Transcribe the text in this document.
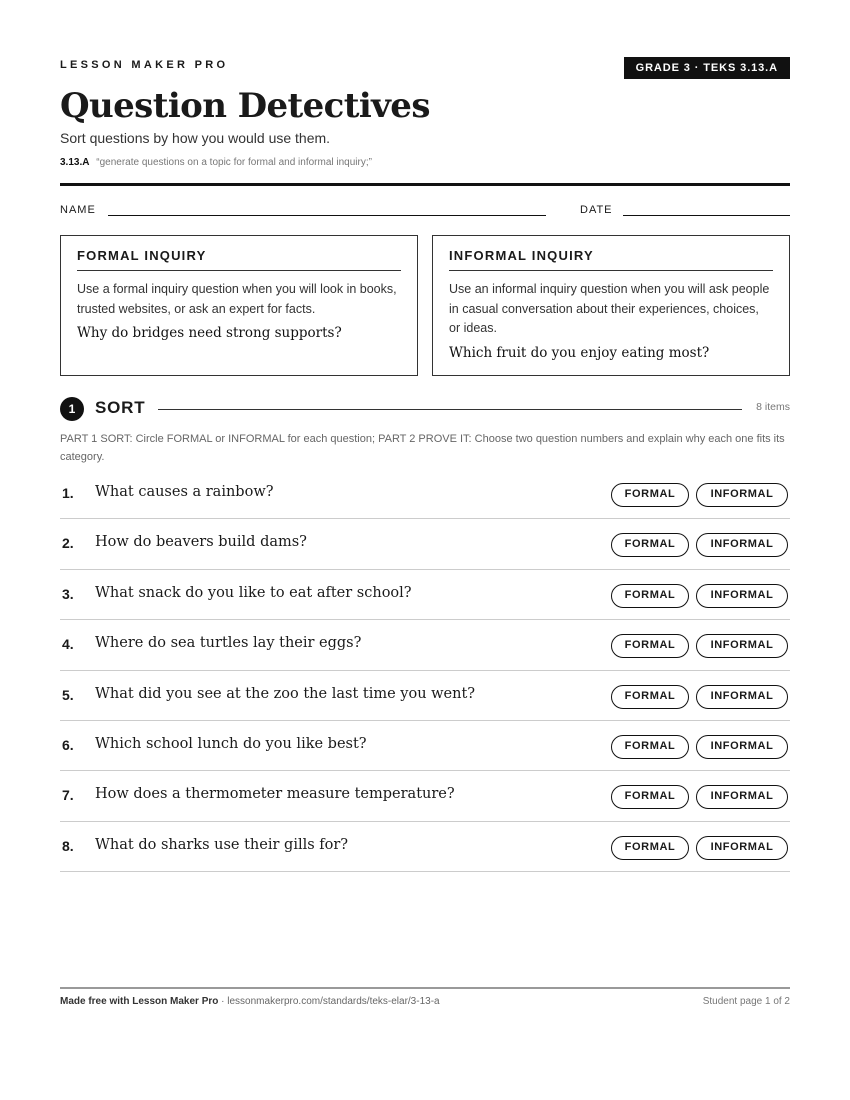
LESSON MAKER PRO	GRADE 3 · TEKS 3.13.A
Question Detectives
Sort questions by how you would use them.
3.13.A “generate questions on a topic for formal and informal inquiry;”
NAME	DATE
FORMAL INQUIRY
Use a formal inquiry question when you will look in books, trusted websites, or ask an expert for facts.
Why do bridges need strong supports?
INFORMAL INQUIRY
Use an informal inquiry question when you will ask people in casual conversation about their experiences, choices, or ideas.
Which fruit do you enjoy eating most?
1	SORT	8 items
PART 1 SORT: Circle FORMAL or INFORMAL for each question; PART 2 PROVE IT: Choose two question numbers and explain why each one fits its category.
1. What causes a rainbow?	FORMAL	INFORMAL
2. How do beavers build dams?	FORMAL	INFORMAL
3. What snack do you like to eat after school?	FORMAL	INFORMAL
4. Where do sea turtles lay their eggs?	FORMAL	INFORMAL
5. What did you see at the zoo the last time you went?	FORMAL	INFORMAL
6. Which school lunch do you like best?	FORMAL	INFORMAL
7. How does a thermometer measure temperature?	FORMAL	INFORMAL
8. What do sharks use their gills for?	FORMAL	INFORMAL
Made free with Lesson Maker Pro · lessonmakerpro.com/standards/teks-elar/3-13-a	Student page 1 of 2
